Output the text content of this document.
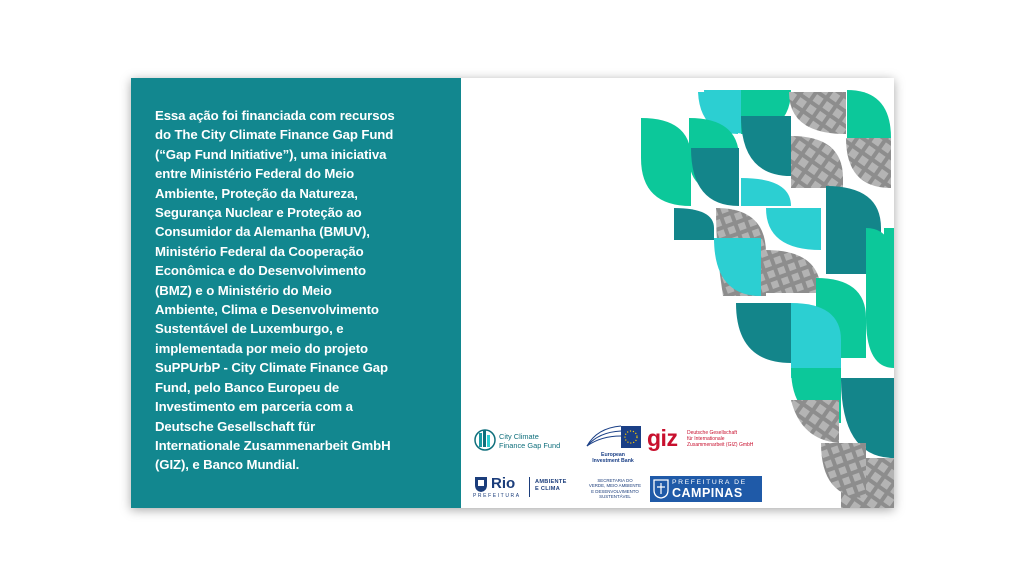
Essa ação foi financiada com recursos
do The City Climate Finance Gap Fund
(“Gap Fund Initiative”), uma iniciativa
entre Ministério Federal do Meio
Ambiente, Proteção da Natureza,
Segurança Nuclear e Proteção ao
Consumidor da Alemanha (BMUV),
Ministério Federal da Cooperação
Econômica e do Desenvolvimento
(BMZ) e o Ministério do Meio
Ambiente, Clima e Desenvolvimento
Sustentável de Luxemburgo, e
implementada por meio do projeto
SuPPUrbP - City Climate Finance Gap
Fund, pelo Banco Europeu de
Investimento em parceria com a
Deutsche Gesellschaft für
Internationale Zusammenarbeit GmbH
(GIZ), e Banco Mundial.

City Climate
Finance Gap Fund
European
Investment Bank
giz Deutsche Gesellschaft
für Internationale
Zusammenarbeit (GIZ) GmbH
Rio
PREFEITURA
AMBIENTE
E CLIMA
SECRETARIA DO
VERDE, MEIO AMBIENTE
E DESENVOLVIMENTO
SUSTENTÁVEL
PREFEITURA DE
CAMPINAS
